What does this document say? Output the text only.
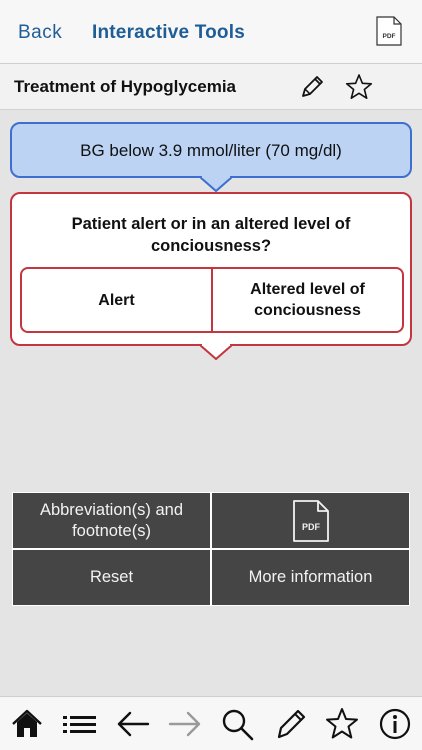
Back Interactive Tools	PDF
Treatment of Hypoglycemia
BG below 3.9 mmol/liter (70 mg/dl)
Patient alert or in an altered level of conciousness?
Alert
Altered level of conciousness
Abbreviation(s) and footnote(s)	PDF
Reset	More information
